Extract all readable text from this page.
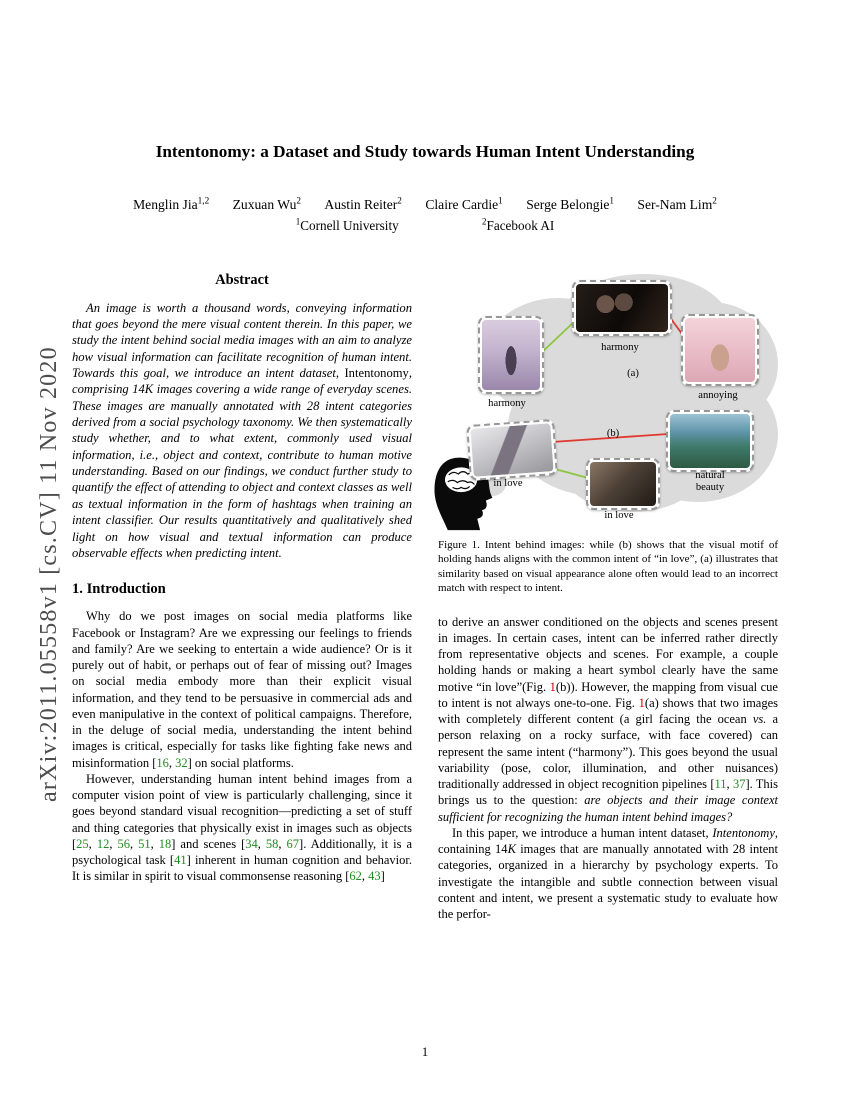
arXiv:2011.05558v1 [cs.CV] 11 Nov 2020
Intentonomy: a Dataset and Study towards Human Intent Understanding
Menglin Jia$^{1,2}$ Zuxuan Wu$^2$ Austin Reiter$^2$ Claire Cardie$^1$ Serge Belongie$^1$ Ser-Nam Lim$^2$
$^1$Cornell University	$^2$Facebook AI
Abstract

An image is worth a thousand words, conveying information that goes beyond the mere visual content therein. In this paper, we study the intent behind social media images with an aim to analyze how visual information can facilitate recognition of human intent. Towards this goal, we introduce an intent dataset, Intentonomy, comprising 14K images covering a wide range of everyday scenes. These images are manually annotated with 28 intent categories derived from a social psychology taxonomy. We then systematically study whether, and to what extent, commonly used visual information, i.e., object and context, contribute to human motive understanding. Based on our findings, we conduct further study to quantify the effect of attending to object and context classes as well as textual information in the form of hashtags when training an intent classifier. Our results quantitatively and qualitatively shed light on how visual and textual information can produce observable effects when predicting intent.

1. Introduction

Why do we post images on social media platforms like Facebook or Instagram? Are we expressing our feelings to friends and family? Are we seeking to entertain a wide audience? Or is it purely out of habit, or perhaps out of fear of missing out? Images on social media embody more than their explicit visual information, and they tend to be persuasive in commercial ads and even manipulative in the context of political campaigns. Therefore, in the deluge of social media, understanding the intent behind images is critical, especially for tasks like fighting fake news and misinformation [16, 32] on social platforms.

However, understanding human intent behind images from a computer vision point of view is particularly challenging, since it goes beyond standard visual recognition—predicting a set of stuff and thing categories that physically exist in images such as objects [25, 12, 56, 51, 18] and scenes [34, 58, 67]. Additionally, it is a psychological task [41] inherent in human cognition and behavior. It is similar in spirit to visual commonsense reasoning [62, 43]

harmony
(a)
harmony
annoying
(b)
in love
natural
beauty
in love
Figure 1. Intent behind images: while (b) shows that the visual motif of holding hands aligns with the common intent of “in love”, (a) illustrates that similarity based on visual appearance alone often would lead to an incorrect match with respect to intent.

to derive an answer conditioned on the objects and scenes present in images. In certain cases, intent can be inferred rather directly from representative objects and scenes. For example, a couple holding hands or making a heart symbol clearly have the same motive “in love”(Fig. 1(b)). However, the mapping from visual cue to intent is not always one-to-one. Fig. 1(a) shows that two images with completely different content (a girl facing the ocean vs. a person relaxing on a rocky surface, with face covered) can represent the same intent (“harmony”). This goes beyond the usual variability (pose, color, illumination, and other nuisances) traditionally addressed in object recognition pipelines [11, 37]. This brings us to the question: are objects and their image context sufficient for recognizing the human intent behind images?

In this paper, we introduce a human intent dataset, Intentonomy, containing 14K images that are manually annotated with 28 intent categories, organized in a hierarchy by psychology experts. To investigate the intangible and subtle connection between visual content and intent, we present a systematic study to evaluate how the perfor-

1
